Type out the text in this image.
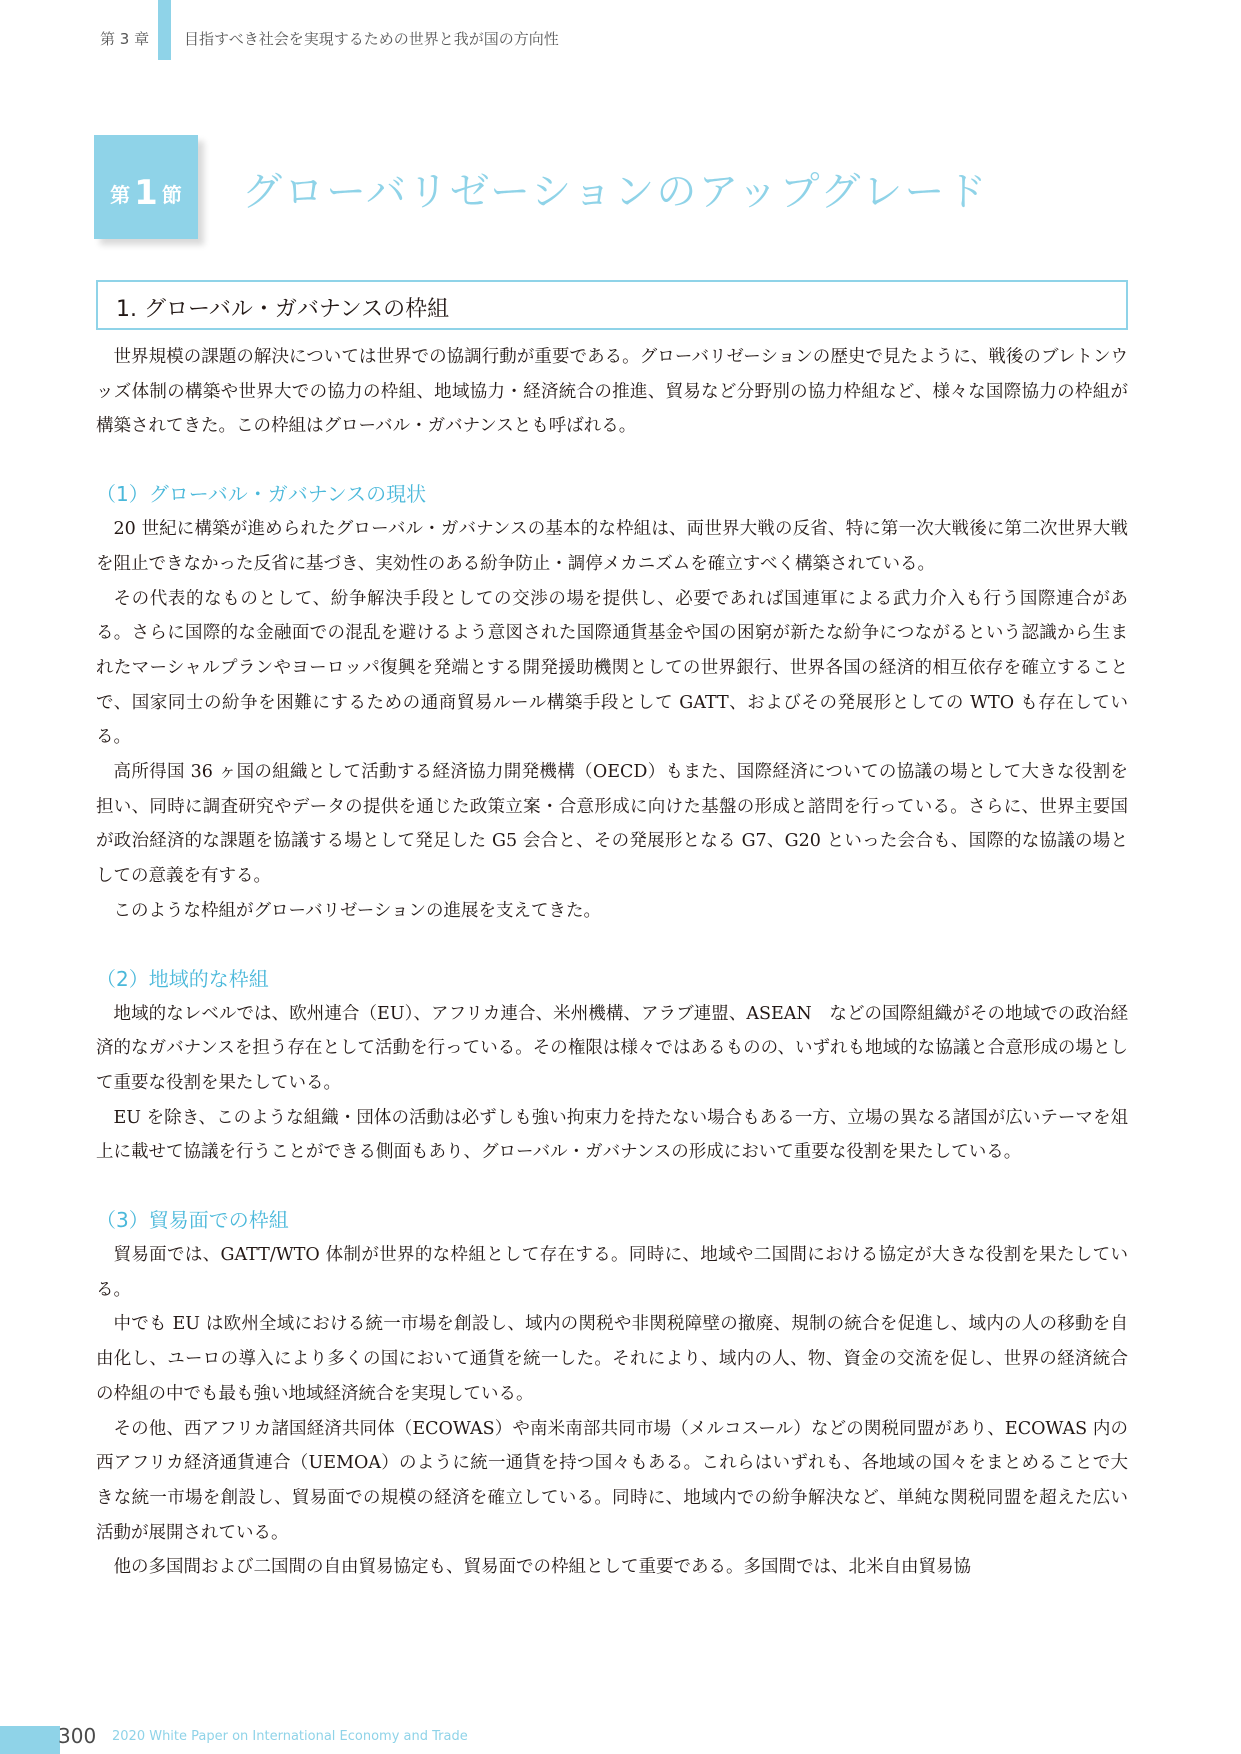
第 3 章 目指すべき社会を実現するための世界と我が国の方向性
第 1 節	グローバリゼーションのアップグレード
1. グローバル・ガバナンスの枠組

世界規模の課題の解決については世界での協調行動が重要である。グローバリゼーションの歴史で見たように、戦後のブレトンウッズ体制の構築や世界大での協力の枠組、地域協力・経済統合の推進、貿易など分野別の協力枠組など、様々な国際協力の枠組が構築されてきた。この枠組はグローバル・ガバナンスとも呼ばれる。

（1）グローバル・ガバナンスの現状

20 世紀に構築が進められたグローバル・ガバナンスの基本的な枠組は、両世界大戦の反省、特に第一次大戦後に第二次世界大戦を阻止できなかった反省に基づき、実効性のある紛争防止・調停メカニズムを確立すべく構築されている。

その代表的なものとして、紛争解決手段としての交渉の場を提供し、必要であれば国連軍による武力介入も行う国際連合がある。さらに国際的な金融面での混乱を避けるよう意図された国際通貨基金や国の困窮が新たな紛争につながるという認識から生まれたマーシャルプランやヨーロッパ復興を発端とする開発援助機関としての世界銀行、世界各国の経済的相互依存を確立することで、国家同士の紛争を困難にするための通商貿易ルール構築手段として GATT、およびその発展形としての WTO も存在している。

高所得国 36 ヶ国の組織として活動する経済協力開発機構（OECD）もまた、国際経済についての協議の場として大きな役割を担い、同時に調査研究やデータの提供を通じた政策立案・合意形成に向けた基盤の形成と諮問を行っている。さらに、世界主要国が政治経済的な課題を協議する場として発足した G5 会合と、その発展形となる G7、G20 といった会合も、国際的な協議の場としての意義を有する。

このような枠組がグローバリゼーションの進展を支えてきた。

（2）地域的な枠組

地域的なレベルでは、欧州連合（EU）、アフリカ連合、米州機構、アラブ連盟、ASEAN　などの国際組織がその地域での政治経済的なガバナンスを担う存在として活動を行っている。その権限は様々ではあるものの、いずれも地域的な協議と合意形成の場として重要な役割を果たしている。

EU を除き、このような組織・団体の活動は必ずしも強い拘束力を持たない場合もある一方、立場の異なる諸国が広いテーマを俎上に載せて協議を行うことができる側面もあり、グローバル・ガバナンスの形成において重要な役割を果たしている。

（3）貿易面での枠組

貿易面では、GATT/WTO 体制が世界的な枠組として存在する。同時に、地域や二国間における協定が大きな役割を果たしている。

中でも EU は欧州全域における統一市場を創設し、域内の関税や非関税障壁の撤廃、規制の統合を促進し、域内の人の移動を自由化し、ユーロの導入により多くの国において通貨を統一した。それにより、域内の人、物、資金の交流を促し、世界の経済統合の枠組の中でも最も強い地域経済統合を実現している。

その他、西アフリカ諸国経済共同体（ECOWAS）や南米南部共同市場（メルコスール）などの関税同盟があり、ECOWAS 内の西アフリカ経済通貨連合（UEMOA）のように統一通貨を持つ国々もある。これらはいずれも、各地域の国々をまとめることで大きな統一市場を創設し、貿易面での規模の経済を確立している。同時に、地域内での紛争解決など、単純な関税同盟を超えた広い活動が展開されている。

他の多国間および二国間の自由貿易協定も、貿易面での枠組として重要である。多国間では、北米自由貿易協

300 2020 White Paper on International Economy and Trade
